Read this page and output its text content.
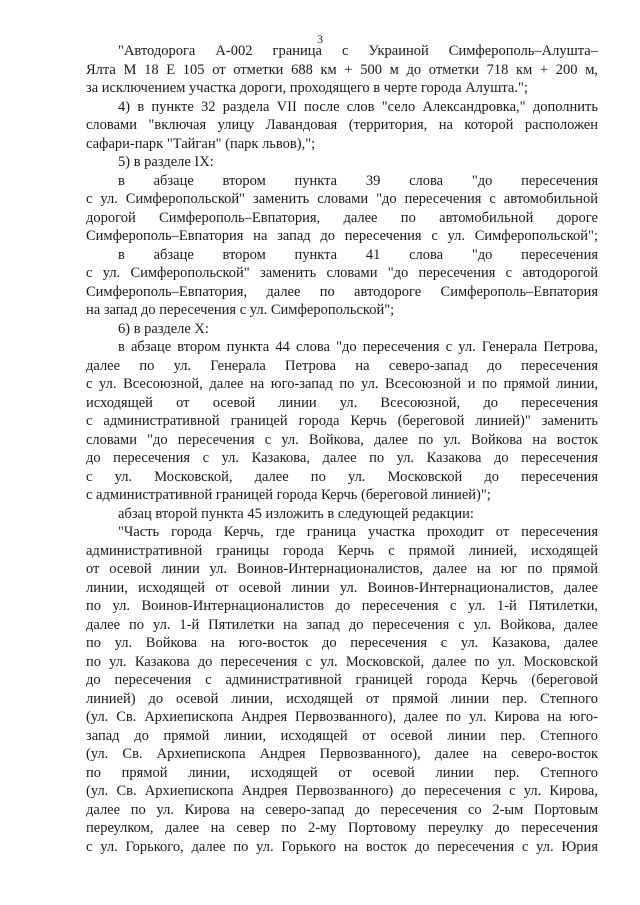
3
"Автодорога А-002 граница с Украиной Симферополь–Алушта–
Ялта М 18 Е 105 от отметки 688 км + 500 м до отметки 718 км + 200 м,
за исключением участка дороги, проходящего в черте города Алушта.";
4) в пункте 32 раздела VII после слов "село Александровка," дополнить
словами "включая улицу Лавандовая (территория, на которой расположен
сафари-парк "Тайган" (парк львов),";
5) в разделе IX:
в абзаце втором пункта 39 слова "до пересечения
с ул. Симферопольской" заменить словами "до пересечения с автомобильной
дорогой Симферополь–Евпатория, далее по автомобильной дороге
Симферополь–Евпатория на запад до пересечения с ул. Симферопольской";
в абзаце втором пункта 41 слова "до пересечения
с ул. Симферопольской" заменить словами "до пересечения с автодорогой
Симферополь–Евпатория, далее по автодороге Симферополь–Евпатория
на запад до пересечения с ул. Симферопольской";
6) в разделе X:
в абзаце втором пункта 44 слова "до пересечения с ул. Генерала Петрова,
далее по ул. Генерала Петрова на северо-запад до пересечения
с ул. Всесоюзной, далее на юго-запад по ул. Всесоюзной и по прямой линии,
исходящей от осевой линии ул. Всесоюзной, до пересечения
с административной границей города Керчь (береговой линией)" заменить
словами "до пересечения с ул. Войкова, далее по ул. Войкова на восток
до пересечения с ул. Казакова, далее по ул. Казакова до пересечения
с ул. Московской, далее по ул. Московской до пересечения
с административной границей города Керчь (береговой линией)";
абзац второй пункта 45 изложить в следующей редакции:
"Часть города Керчь, где граница участка проходит от пересечения
административной границы города Керчь с прямой линией, исходящей
от осевой линии ул. Воинов-Интернационалистов, далее на юг по прямой
линии, исходящей от осевой линии ул. Воинов-Интернационалистов, далее
по ул. Воинов-Интернационалистов до пересечения с ул. 1-й Пятилетки,
далее по ул. 1-й Пятилетки на запад до пересечения с ул. Войкова, далее
по ул. Войкова на юго-восток до пересечения с ул. Казакова, далее
по ул. Казакова до пересечения с ул. Московской, далее по ул. Московской
до пересечения с административной границей города Керчь (береговой
линией) до осевой линии, исходящей от прямой линии пер. Степного
(ул. Св. Архиепископа Андрея Первозванного), далее по ул. Кирова на юго-
запад до прямой линии, исходящей от осевой линии пер. Степного
(ул. Св. Архиепископа Андрея Первозванного), далее на северо-восток
по прямой линии, исходящей от осевой линии пер. Степного
(ул. Св. Архиепископа Андрея Первозванного) до пересечения с ул. Кирова,
далее по ул. Кирова на северо-запад до пересечения со 2-ым Портовым
переулком, далее на север по 2-му Портовому переулку до пересечения
с ул. Горького, далее по ул. Горького на восток до пересечения с ул. Юрия
